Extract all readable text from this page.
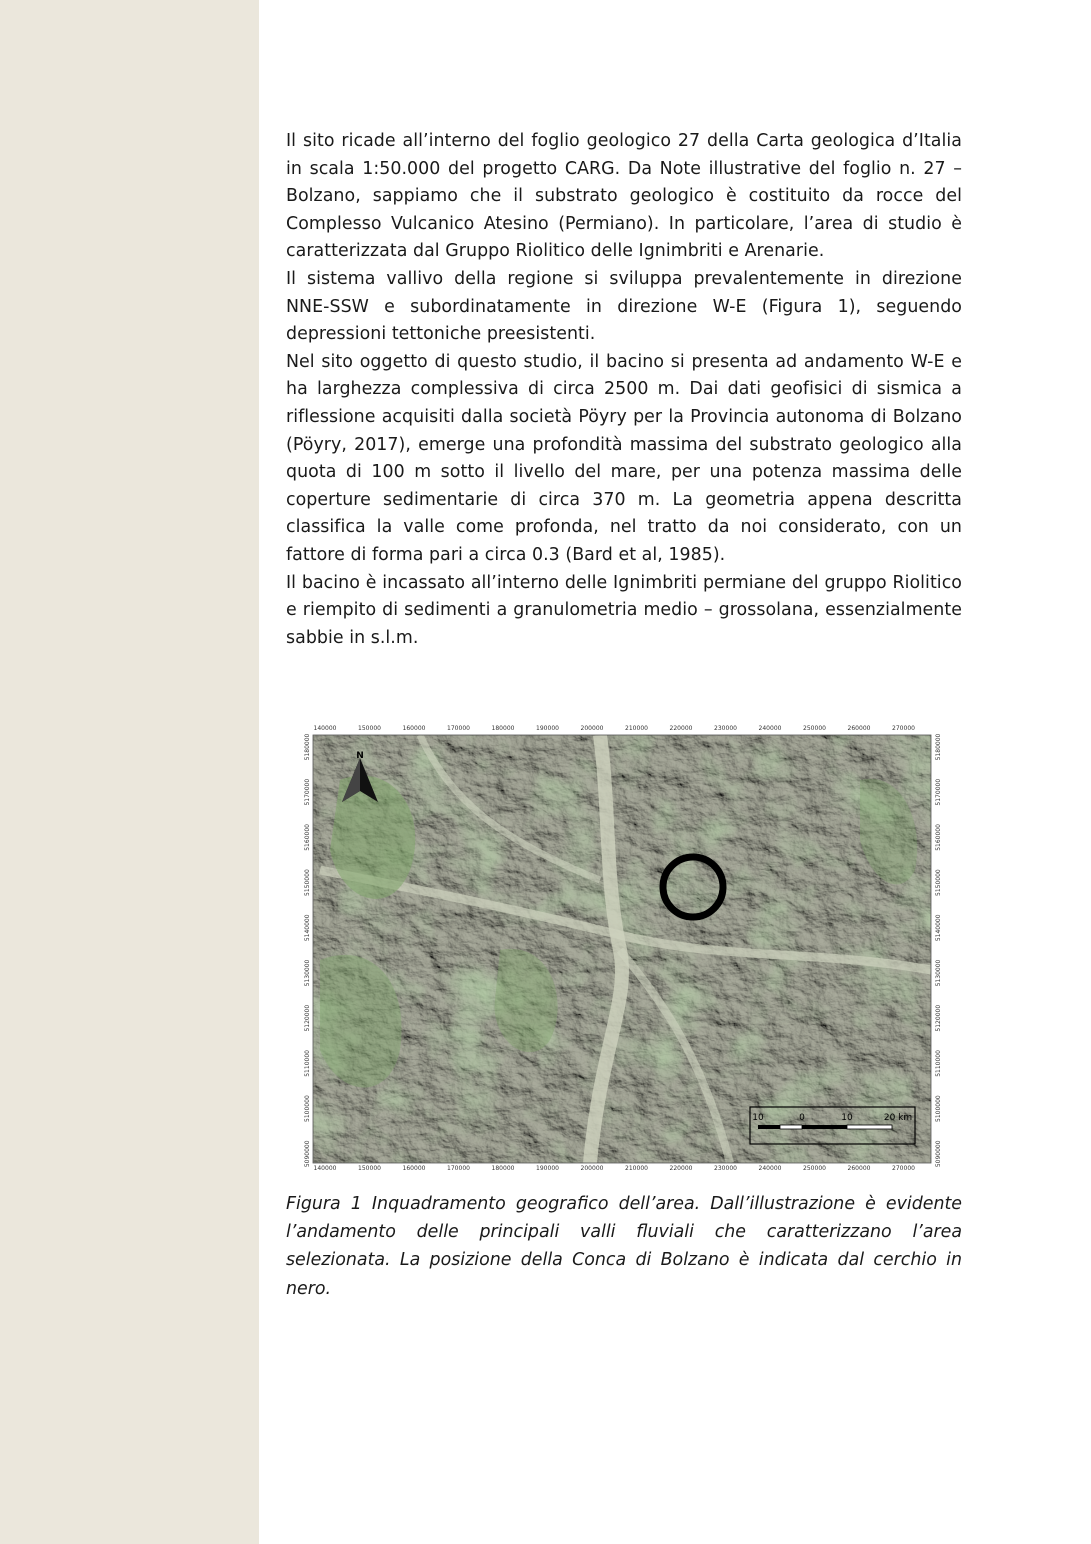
Il sito ricade all’interno del foglio geologico 27 della Carta geologica d’Italia in scala 1:50.000 del progetto CARG. Da Note illustrative del foglio n. 27 – Bolzano, sappiamo che il substrato geologico è costituito da rocce del Complesso Vulcanico Atesino (Permiano). In particolare, l’area di studio è caratterizzata dal Gruppo Riolitico delle Ignimbriti e Arenarie.

Il sistema vallivo della regione si sviluppa prevalentemente in direzione NNE-SSW e subordinatamente in direzione W-E (Figura 1), seguendo depressioni tettoniche preesistenti.

Nel sito oggetto di questo studio, il bacino si presenta ad andamento W-E e ha larghezza complessiva di circa 2500 m. Dai dati geofisici di sismica a riflessione acquisiti dalla società Pöyry per la Provincia autonoma di Bolzano (Pöyry, 2017), emerge una profondità massima del substrato geologico alla quota di 100 m sotto il livello del mare, per una potenza massima delle coperture sedimentarie di circa 370 m. La geometria appena descritta classifica la valle come profonda, nel tratto da noi considerato, con un fattore di forma pari a circa 0.3 (Bard et al, 1985).

Il bacino è incassato all’interno delle Ignimbriti permiane del gruppo Riolitico e riempito di sedimenti a granulometria medio – grossolana, essenzialmente sabbie in s.l.m.

140000	150000	160000	170000	180000	190000	200000	210000	220000	230000	240000	250000	260000	270000
140000	150000	160000	170000	180000	190000	200000	210000	220000	230000	240000	250000	260000	270000
5180000
5170000
5160000
5150000
5140000
5130000
5120000
5110000
5100000
5090000
5180000
5170000
5160000
5150000
5140000
5130000
5120000
5110000
5100000
5090000
N
10	0	10	20 km

Figura 1 Inquadramento geografico dell’area. Dall’illustrazione è evidente l’andamento delle principali valli fluviali che caratterizzano l’area selezionata. La posizione della Conca di Bolzano è indicata dal cerchio in nero.
